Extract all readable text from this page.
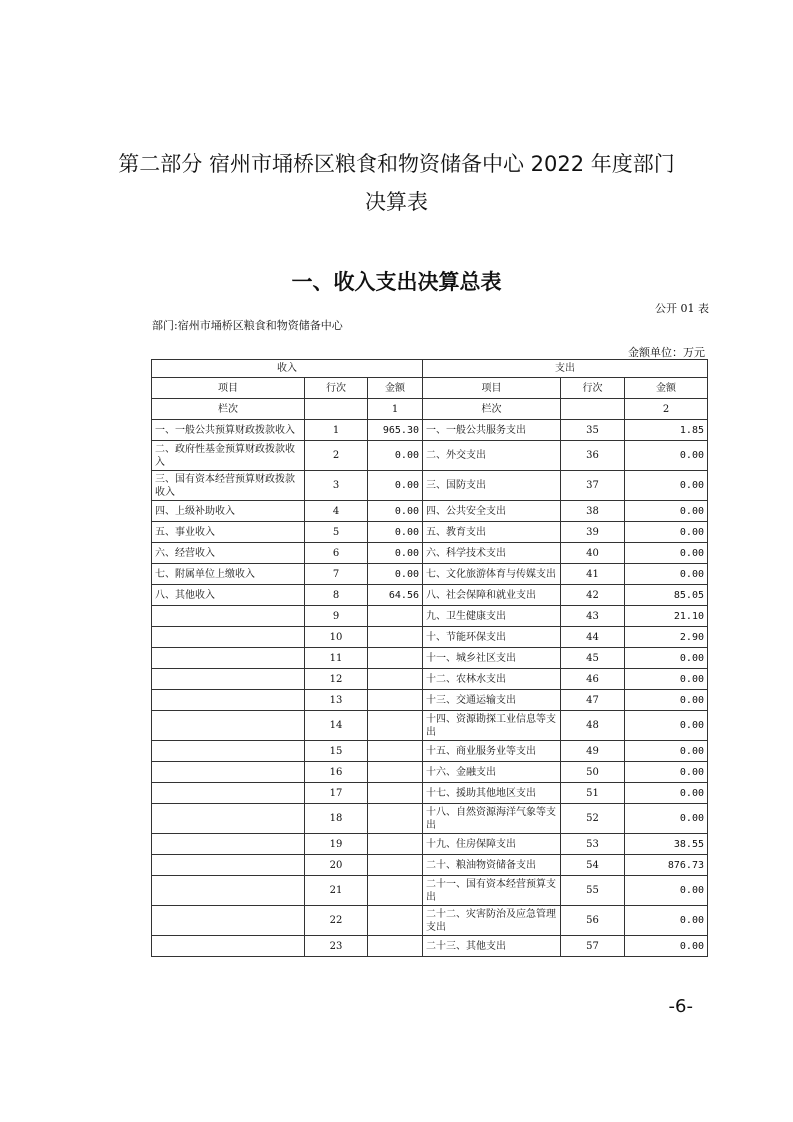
第二部分 宿州市埇桥区粮食和物资储备中心 2022 年度部门
决算表
一、收入支出决算总表
公开 01 表
部门:宿州市埇桥区粮食和物资储备中心
金额单位：万元
收入			支出		
项目	行次	金额	项目	行次	金额
栏次		1	栏次		2
一、一般公共预算财政拨款收入	1	965.30	一、一般公共服务支出	35	1.85
二、政府性基金预算财政拨款收入	2	0.00	二、外交支出	36	0.00
三、国有资本经营预算财政拨款收入	3	0.00	三、国防支出	37	0.00
四、上级补助收入	4	0.00	四、公共安全支出	38	0.00
五、事业收入	5	0.00	五、教育支出	39	0.00
六、经营收入	6	0.00	六、科学技术支出	40	0.00
七、附属单位上缴收入	7	0.00	七、文化旅游体育与传媒支出	41	0.00
八、其他收入	8	64.56	八、社会保障和就业支出	42	85.05
	9		九、卫生健康支出	43	21.10
	10		十、节能环保支出	44	2.90
	11		十一、城乡社区支出	45	0.00
	12		十二、农林水支出	46	0.00
	13		十三、交通运输支出	47	0.00
	14		十四、资源勘探工业信息等支出	48	0.00
	15		十五、商业服务业等支出	49	0.00
	16		十六、金融支出	50	0.00
	17		十七、援助其他地区支出	51	0.00
	18		十八、自然资源海洋气象等支出	52	0.00
	19		十九、住房保障支出	53	38.55
	20		二十、粮油物资储备支出	54	876.73
	21		二十一、国有资本经营预算支出	55	0.00
	22		二十二、灾害防治及应急管理支出	56	0.00
	23		二十三、其他支出	57	0.00
-6-
